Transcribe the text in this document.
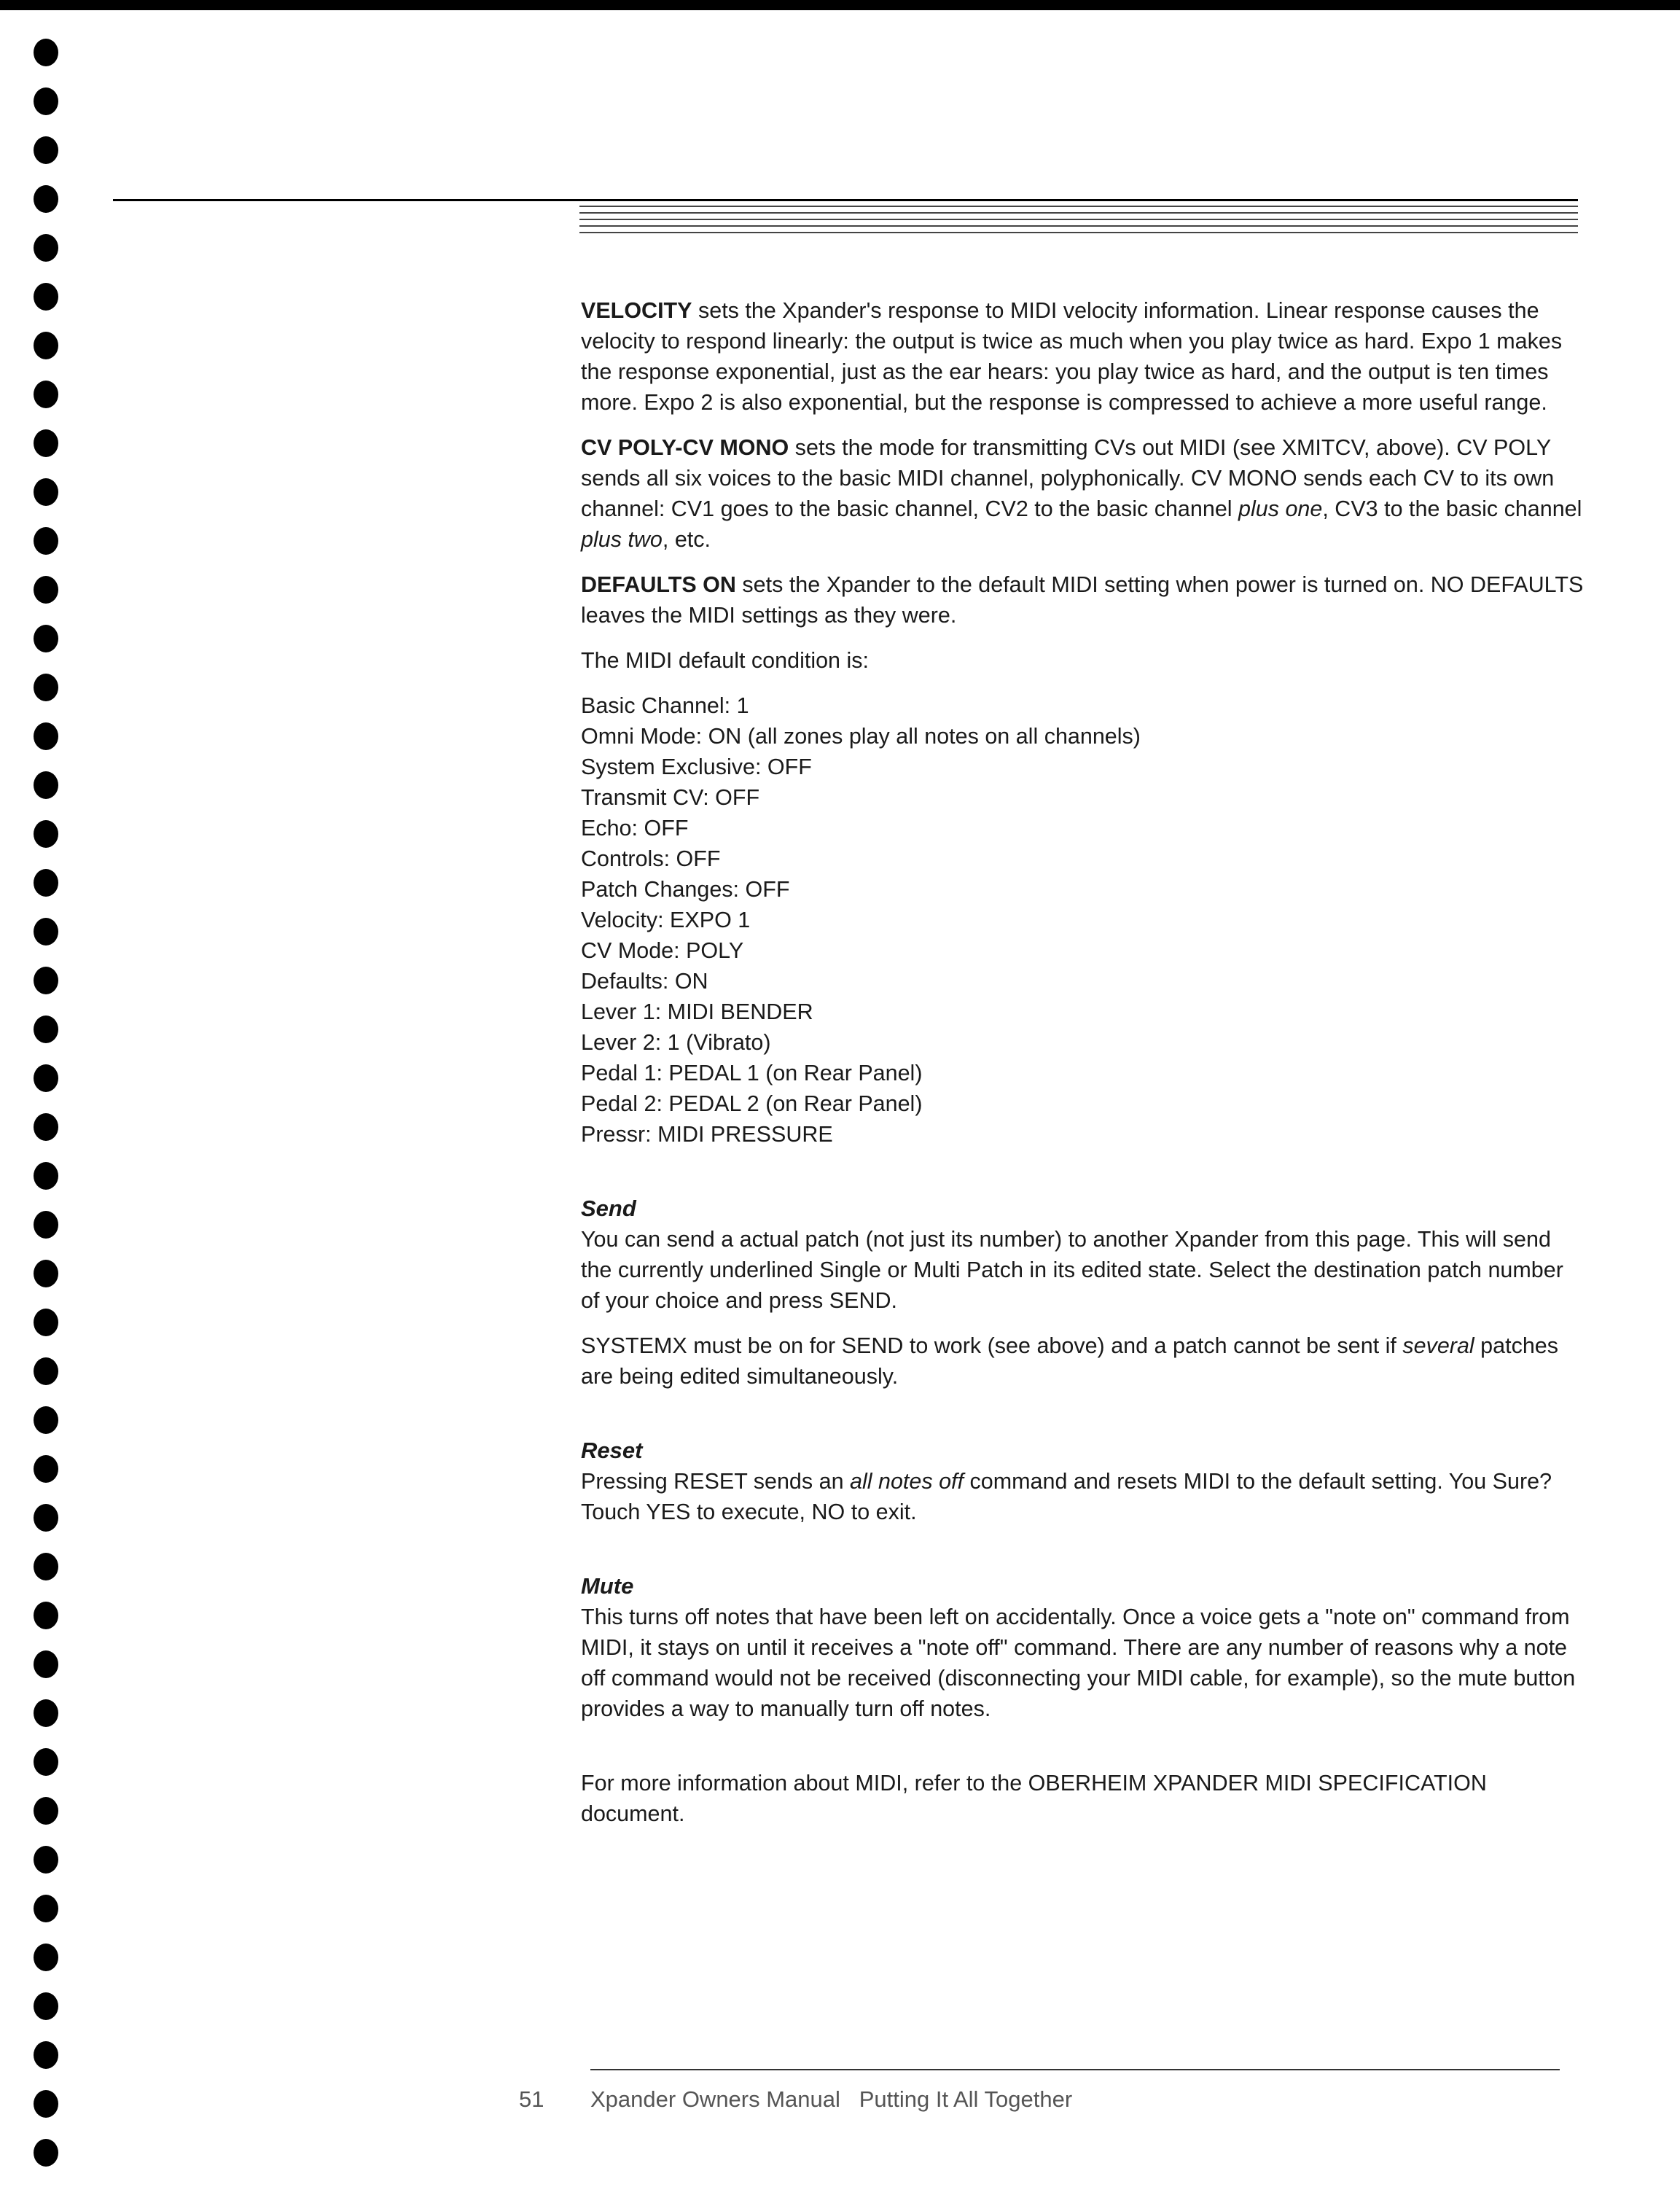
VELOCITY sets the Xpander's response to MIDI velocity information. Linear response causes the velocity to respond linearly: the output is twice as much when you play twice as hard. Expo 1 makes the response exponential, just as the ear hears: you play twice as hard, and the output is ten times more. Expo 2 is also exponential, but the response is compressed to achieve a more useful range.

CV POLY-CV MONO sets the mode for transmitting CVs out MIDI (see XMITCV, above). CV POLY sends all six voices to the basic MIDI channel, polyphonically. CV MONO sends each CV to its own channel: CV1 goes to the basic channel, CV2 to the basic channel plus one, CV3 to the basic channel plus two, etc.

DEFAULTS ON sets the Xpander to the default MIDI setting when power is turned on. NO DEFAULTS leaves the MIDI settings as they were.

The MIDI default condition is:

Basic Channel: 1
Omni Mode: ON (all zones play all notes on all channels)
System Exclusive: OFF
Transmit CV: OFF
Echo: OFF
Controls: OFF
Patch Changes: OFF
Velocity: EXPO 1
CV Mode: POLY
Defaults: ON
Lever 1: MIDI BENDER
Lever 2: 1 (Vibrato)
Pedal 1: PEDAL 1 (on Rear Panel)
Pedal 2: PEDAL 2 (on Rear Panel)
Pressr: MIDI PRESSURE

Send

You can send a actual patch (not just its number) to another Xpander from this page. This will send the currently underlined Single or Multi Patch in its edited state. Select the destination patch number of your choice and press SEND.

SYSTEMX must be on for SEND to work (see above) and a patch cannot be sent if several patches are being edited simultaneously.

Reset

Pressing RESET sends an all notes off command and resets MIDI to the default setting. You Sure? Touch YES to execute, NO to exit.

Mute

This turns off notes that have been left on accidentally. Once a voice gets a "note on" command from MIDI, it stays on until it receives a "note off" command. There are any number of reasons why a note off command would not be received (disconnecting your MIDI cable, for example), so the mute button provides a way to manually turn off notes.

For more information about MIDI, refer to the OBERHEIM XPANDER MIDI SPECIFICATION document.

51 Xpander Owners Manual   Putting It All Together
